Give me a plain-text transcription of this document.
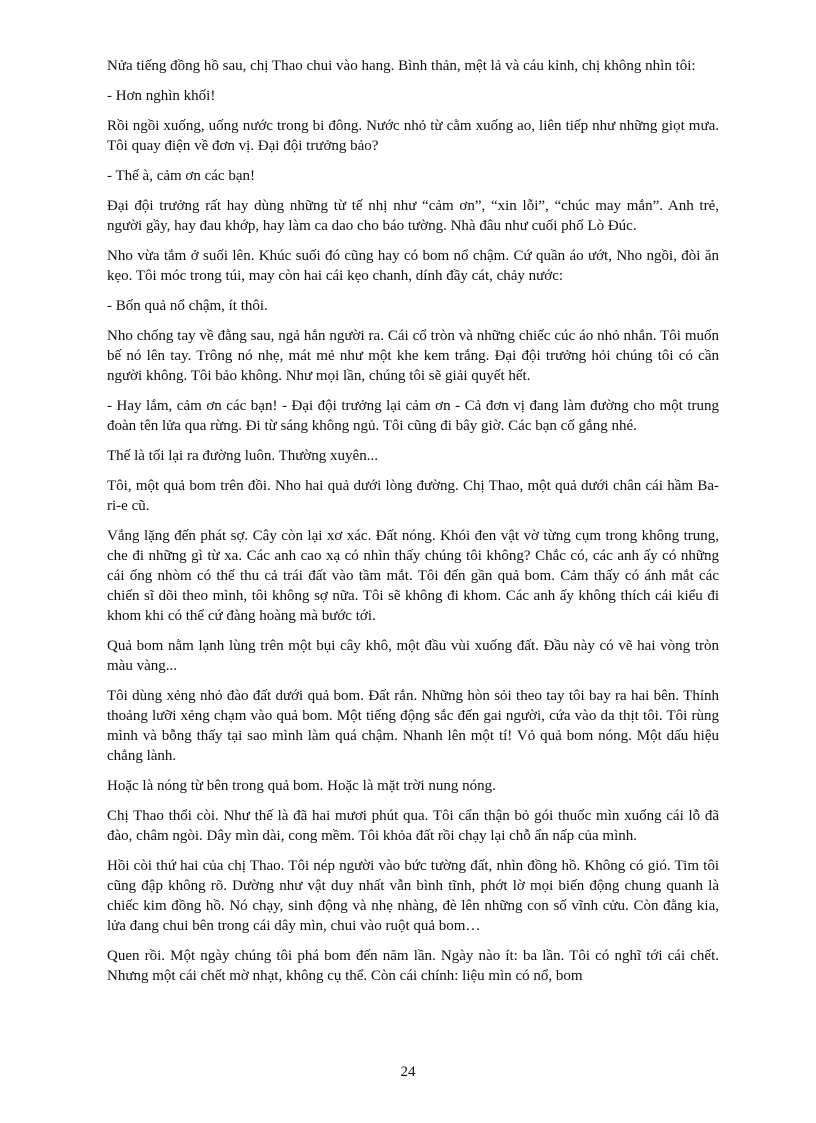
Nửa tiếng đồng hồ sau, chị Thao chui vào hang. Bình thản, mệt lả và cáu kỉnh, chị không nhìn tôi:

- Hơn nghìn khối!

Rồi ngồi xuống, uống nước trong bi đông. Nước nhỏ từ cằm xuống ao, liên tiếp như những giọt mưa. Tôi quay điện về đơn vị. Đại đội trưởng bảo?

- Thế à, cảm ơn các bạn!

Đại đội trưởng rất hay dùng những từ tế nhị như “cảm ơn”, “xin lỗi”, “chúc may mắn”. Anh trẻ, người gầy, hay đau khớp, hay làm ca dao cho báo tường. Nhà đâu như cuối phố Lò Đúc.

Nho vừa tắm ở suối lên. Khúc suối đó cũng hay có bom nổ chậm. Cứ quần áo ướt, Nho ngồi, đòi ăn kẹo. Tôi móc trong túi, may còn hai cái kẹo chanh, dính đầy cát, chảy nước:

- Bốn quả nổ chậm, ít thôi.

Nho chống tay về đằng sau, ngả hẳn người ra. Cái cổ tròn và những chiếc cúc áo nhỏ nhắn. Tôi muốn bế nó lên tay. Trông nó nhẹ, mát mẻ như một khe kem trắng. Đại đội trưởng hỏi chúng tôi có cần người không. Tôi bảo không. Như mọi lần, chúng tôi sẽ giải quyết hết.

- Hay lắm, cảm ơn các bạn! - Đại đội trưởng lại cảm ơn - Cả đơn vị đang làm đường cho một trung đoàn tên lửa qua rừng. Đi từ sáng không ngủ. Tôi cũng đi bây giờ. Các bạn cố gắng nhé.

Thế là tối lại ra đường luôn. Thường xuyên...

Tôi, một quả bom trên đồi. Nho hai quả dưới lòng đường. Chị Thao, một quả dưới chân cái hầm Ba-ri-e cũ.

Vắng lặng đến phát sợ. Cây còn lại xơ xác. Đất nóng. Khói đen vật vờ từng cụm trong không trung, che đi những gì từ xa. Các anh cao xạ có nhìn thấy chúng tôi không? Chắc có, các anh ấy có những cái ống nhòm có thể thu cả trái đất vào tầm mắt. Tôi đến gần quả bom. Cảm thấy có ánh mắt các chiến sĩ dõi theo mình, tôi không sợ nữa. Tôi sẽ không đi khom. Các anh ấy không thích cái kiểu đi khom khi có thể cứ đàng hoàng mà bước tới.

Quả bom nằm lạnh lùng trên một bụi cây khô, một đầu vùi xuống đất. Đầu này có vẽ hai vòng tròn màu vàng...

Tôi dùng xẻng nhỏ đào đất dưới quả bom. Đất rắn. Những hòn sỏi theo tay tôi bay ra hai bên. Thỉnh thoảng lưỡi xẻng chạm vào quả bom. Một tiếng động sắc đến gai người, cứa vào da thịt tôi. Tôi rùng mình và bỗng thấy tại sao mình làm quá chậm. Nhanh lên một tí! Vỏ quả bom nóng. Một dấu hiệu chẳng lành.

Hoặc là nóng từ bên trong quả bom. Hoặc là mặt trời nung nóng.

Chị Thao thổi còi. Như thế là đã hai mươi phút qua. Tôi cẩn thận bỏ gói thuốc mìn xuống cái lỗ đã đào, châm ngòi. Dây mìn dài, cong mềm. Tôi khỏa đất rồi chạy lại chỗ ẩn nấp của mình.

Hồi còi thứ hai của chị Thao. Tôi nép người vào bức tường đất, nhìn đồng hồ. Không có gió. Tim tôi cũng đập không rõ. Dường như vật duy nhất vẫn bình tĩnh, phớt lờ mọi biến động chung quanh là chiếc kim đồng hồ. Nó chạy, sinh động và nhẹ nhàng, đè lên những con số vĩnh cửu. Còn đằng kia, lửa đang chui bên trong cái dây mìn, chui vào ruột quả bom…

Quen rồi. Một ngày chúng tôi phá bom đến năm lần. Ngày nào ít: ba lần. Tôi có nghĩ tới cái chết. Nhưng một cái chết mờ nhạt, không cụ thể. Còn cái chính: liệu mìn có nổ, bom

24
